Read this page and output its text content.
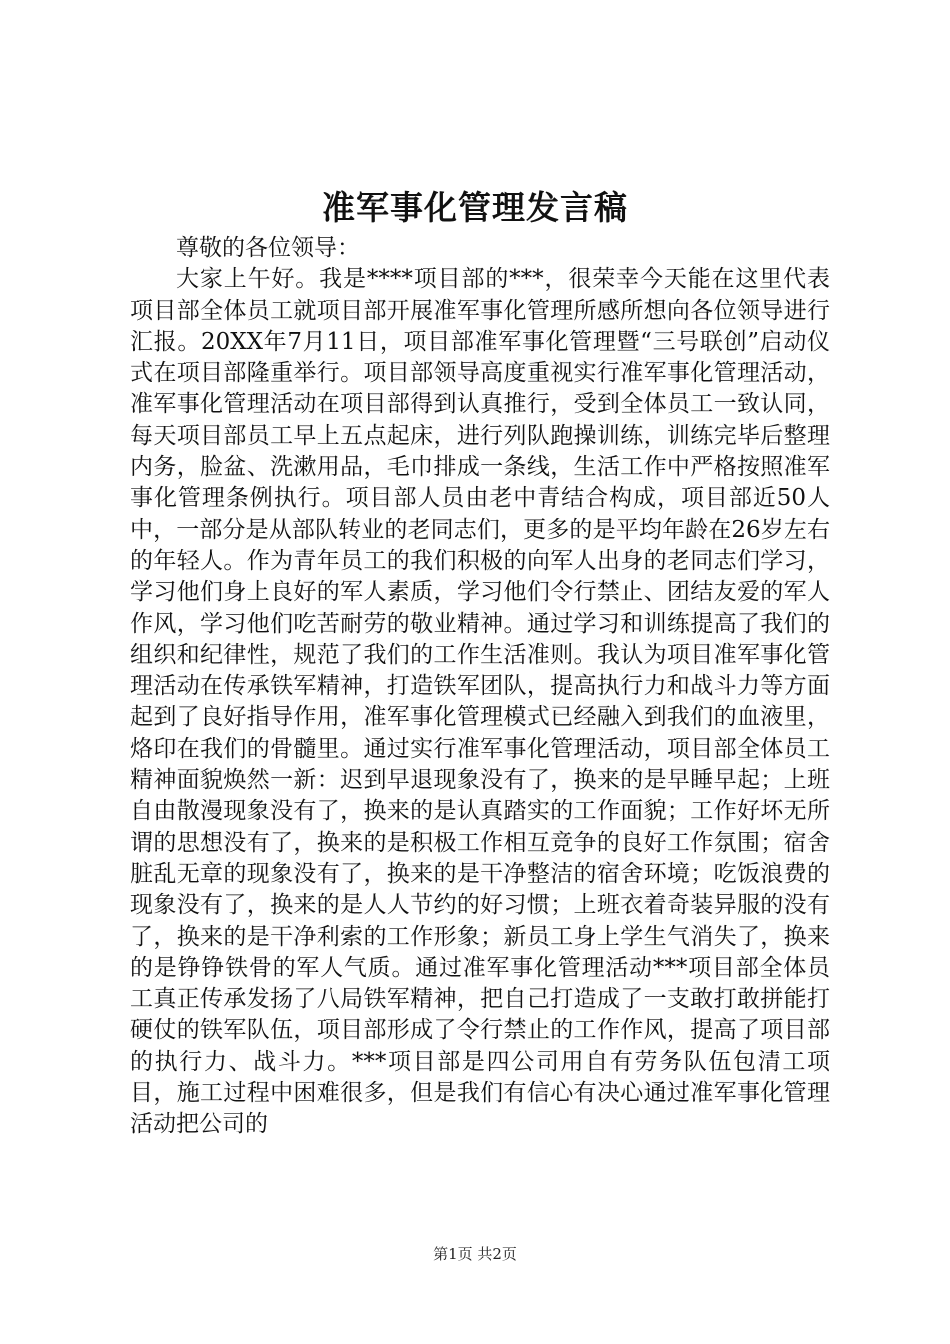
准军事化管理发言稿

尊敬的各位领导：

大家上午好。我是****项目部的***，很荣幸今天能在这里代表项目部全体员工就项目部开展准军事化管理所感所想向各位领导进行汇报。20XX年7月11日，项目部准军事化管理暨“三号联创”启动仪式在项目部隆重举行。项目部领导高度重视实行准军事化管理活动，准军事化管理活动在项目部得到认真推行，受到全体员工一致认同，每天项目部员工早上五点起床，进行列队跑操训练，训练完毕后整理内务，脸盆、洗漱用品，毛巾排成一条线，生活工作中严格按照准军事化管理条例执行。项目部人员由老中青结合构成，项目部近50人中，一部分是从部队转业的老同志们，更多的是平均年龄在26岁左右的年轻人。作为青年员工的我们积极的向军人出身的老同志们学习，学习他们身上良好的军人素质，学习他们令行禁止、团结友爱的军人作风，学习他们吃苦耐劳的敬业精神。通过学习和训练提高了我们的组织和纪律性，规范了我们的工作生活准则。我认为项目准军事化管理活动在传承铁军精神，打造铁军团队，提高执行力和战斗力等方面起到了良好指导作用，准军事化管理模式已经融入到我们的血液里，烙印在我们的骨髓里。通过实行准军事化管理活动，项目部全体员工精神面貌焕然一新：迟到早退现象没有了，换来的是早睡早起；上班自由散漫现象没有了，换来的是认真踏实的工作面貌；工作好坏无所谓的思想没有了，换来的是积极工作相互竞争的良好工作氛围；宿舍脏乱无章的现象没有了，换来的是干净整洁的宿舍环境；吃饭浪费的现象没有了，换来的是人人节约的好习惯；上班衣着奇装异服的没有了，换来的是干净利索的工作形象；新员工身上学生气消失了，换来的是铮铮铁骨的军人气质。通过准军事化管理活动***项目部全体员工真正传承发扬了八局铁军精神，把自己打造成了一支敢打敢拼能打硬仗的铁军队伍，项目部形成了令行禁止的工作作风，提高了项目部的执行力、战斗力。***项目部是四公司用自有劳务队伍包清工项目，施工过程中困难很多，但是我们有信心有决心通过准军事化管理活动把公司的

第1页 共2页
